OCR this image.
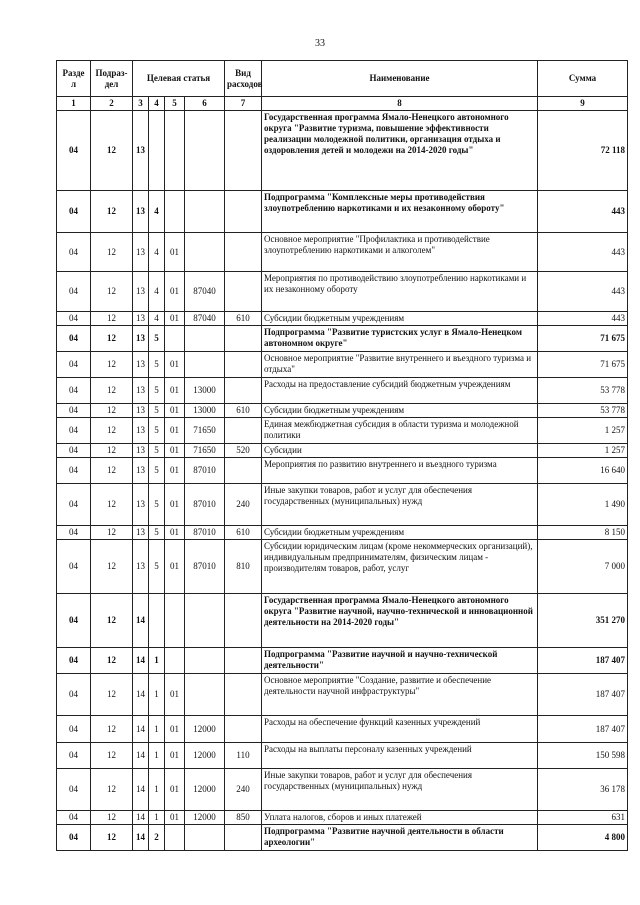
33
Разде л	Подраз- дел	Целевая статья				Вид расходов	Наименование	Сумма
1	2	3	4	5	6	7	8	9
04	12	13					Государственная программа Ямало-Ненецкого автономного округа "Развитие туризма, повышение эффективности реализации молодежной политики, организация отдыха и оздоровления детей и молодежи на 2014-2020 годы"	72 118
04	12	13	4				Подпрограмма "Комплексные меры противодействия злоупотреблению наркотиками и их незаконному обороту"	443
04	12	13	4	01			Основное мероприятие "Профилактика и противодействие злоупотреблению наркотиками и алкоголем"	443
04	12	13	4	01	87040		Мероприятия по противодействию злоупотреблению наркотиками и их незаконному обороту	443
04	12	13	4	01	87040	610	Субсидии бюджетным учреждениям	443
04	12	13	5				Подпрограмма "Развитие туристских услуг в Ямало-Ненецком автономном округе"	71 675
04	12	13	5	01			Основное мероприятие "Развитие внутреннего и въездного туризма и отдыха"	71 675
04	12	13	5	01	13000		Расходы на предоставление субсидий бюджетным учреждениям	53 778
04	12	13	5	01	13000	610	Субсидии бюджетным учреждениям	53 778
04	12	13	5	01	71650		Единая межбюджетная субсидия в области туризма и молодежной политики	1 257
04	12	13	5	01	71650	520	Субсидии	1 257
04	12	13	5	01	87010		Мероприятия по развитию внутреннего и въездного туризма	16 640
04	12	13	5	01	87010	240	Иные закупки товаров, работ и услуг для обеспечения государственных (муниципальных) нужд	1 490
04	12	13	5	01	87010	610	Субсидии бюджетным учреждениям	8 150
04	12	13	5	01	87010	810	Субсидии юридическим лицам (кроме некоммерческих организаций), индивидуальным предпринимателям, физическим лицам - производителям товаров, работ, услуг	7 000
04	12	14					Государственная программа Ямало-Ненецкого автономного округа "Развитие научной, научно-технической и инновационной деятельности на 2014-2020 годы"	351 270
04	12	14	1				Подпрограмма "Развитие научной и научно-технической деятельности"	187 407
04	12	14	1	01			Основное мероприятие "Создание, развитие и обеспечение деятельности научной инфраструктуры"	187 407
04	12	14	1	01	12000		Расходы на обеспечение функций казенных учреждений	187 407
04	12	14	1	01	12000	110	Расходы на выплаты персоналу казенных учреждений	150 598
04	12	14	1	01	12000	240	Иные закупки товаров, работ и услуг для обеспечения государственных (муниципальных) нужд	36 178
04	12	14	1	01	12000	850	Уплата налогов, сборов и иных платежей	631
04	12	14	2				Подпрограмма "Развитие научной деятельности в области археологии"	4 800
